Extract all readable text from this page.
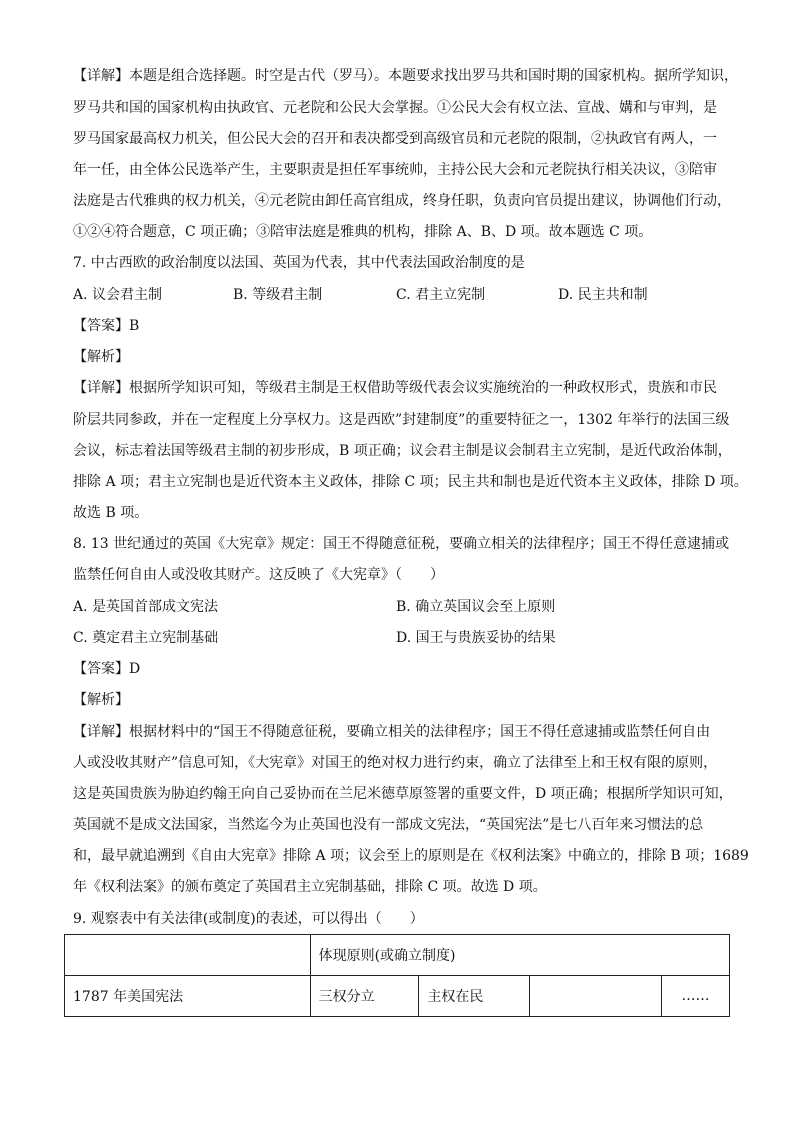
【详解】本题是组合选择题。时空是古代（罗马）。本题要求找出罗马共和国时期的国家机构。据所学知识，
罗马共和国的国家机构由执政官、元老院和公民大会掌握。①公民大会有权立法、宣战、媾和与审判，是
罗马国家最高权力机关，但公民大会的召开和表决都受到高级官员和元老院的限制，②执政官有两人，一
年一任，由全体公民选举产生，主要职责是担任军事统帅，主持公民大会和元老院执行相关决议，③陪审
法庭是古代雅典的权力机关，④元老院由卸任高官组成，终身任职，负责向官员提出建议，协调他们行动，
①②④符合题意，C 项正确；③陪审法庭是雅典的机构，排除 A、B、D 项。故本题选 C 项。
7. 中古西欧的政治制度以法国、英国为代表，其中代表法国政治制度的是
A. 议会君主制	B. 等级君主制	C. 君主立宪制	D. 民主共和制
【答案】B
【解析】
【详解】根据所学知识可知，等级君主制是王权借助等级代表会议实施统治的一种政权形式，贵族和市民
阶层共同参政，并在一定程度上分享权力。这是西欧”封建制度”的重要特征之一，1302 年举行的法国三级
会议，标志着法国等级君主制的初步形成，B 项正确；议会君主制是议会制君主立宪制，是近代政治体制，
排除 A 项；君主立宪制也是近代资本主义政体，排除 C 项；民主共和制也是近代资本主义政体，排除 D 项。
故选 B 项。
8. 13 世纪通过的英国《大宪章》规定：国王不得随意征税，要确立相关的法律程序；国王不得任意逮捕或
监禁任何自由人或没收其财产。这反映了《大宪章》（　　）
A. 是英国首部成文宪法	B. 确立英国议会至上原则
C. 奠定君主立宪制基础	D. 国王与贵族妥协的结果
【答案】D
【解析】
【详解】根据材料中的“国王不得随意征税，要确立相关的法律程序；国王不得任意逮捕或监禁任何自由
人或没收其财产”信息可知，《大宪章》对国王的绝对权力进行约束，确立了法律至上和王权有限的原则，
这是英国贵族为胁迫约翰王向自己妥协而在兰尼米德草原签署的重要文件，D 项正确；根据所学知识可知，
英国就不是成文法国家，当然迄今为止英国也没有一部成文宪法，“英国宪法”是七八百年来习惯法的总
和，最早就追溯到《自由大宪章》排除 A 项；议会至上的原则是在《权利法案》中确立的，排除 B 项；1689
年《权利法案》的颁布奠定了英国君主立宪制基础，排除 C 项。故选 D 项。
9. 观察表中有关法律(或制度)的表述，可以得出（　　）
	体现原则(或确立制度)			
1787 年美国宪法	三权分立	主权在民		……
